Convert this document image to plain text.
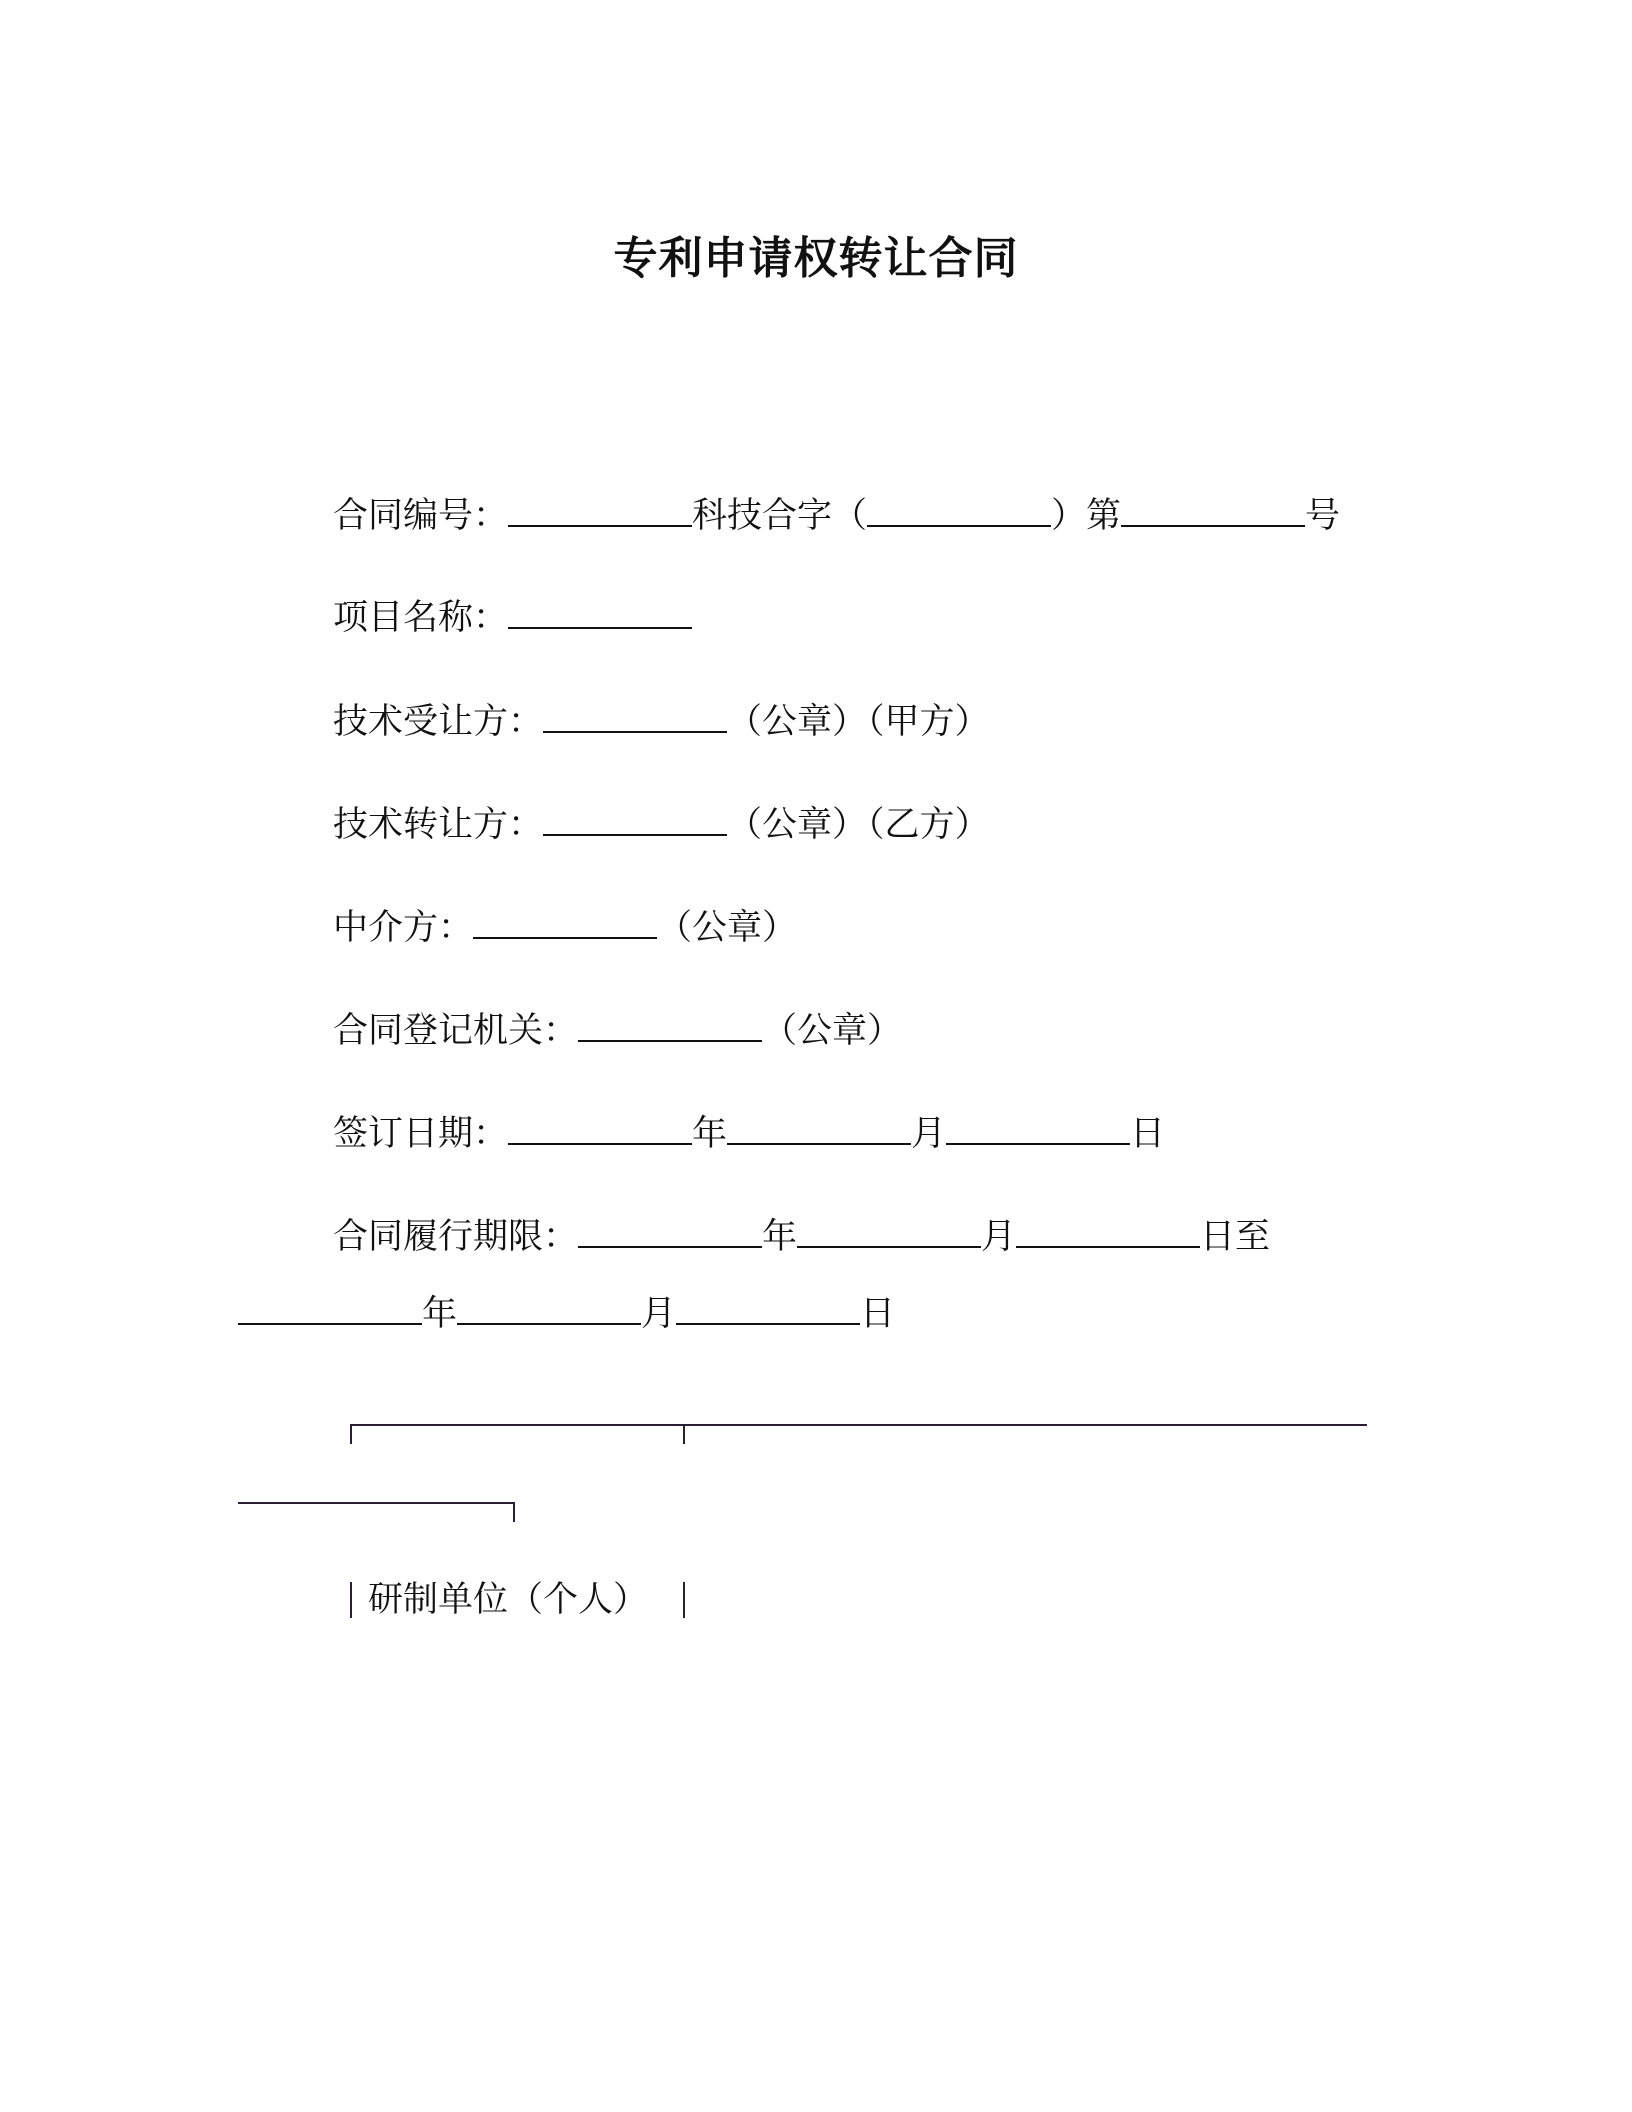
专利申请权转让合同
合同编号：	科技合字（	）第	号
项目名称：
技术受让方：	（公章）（甲方）
技术转让方：	（公章）（乙方）
中介方：	（公章）
合同登记机关：	（公章）
签订日期：	年	月	日
合同履行期限：	年	月	日至
年	月	日
研制单位（个人）
